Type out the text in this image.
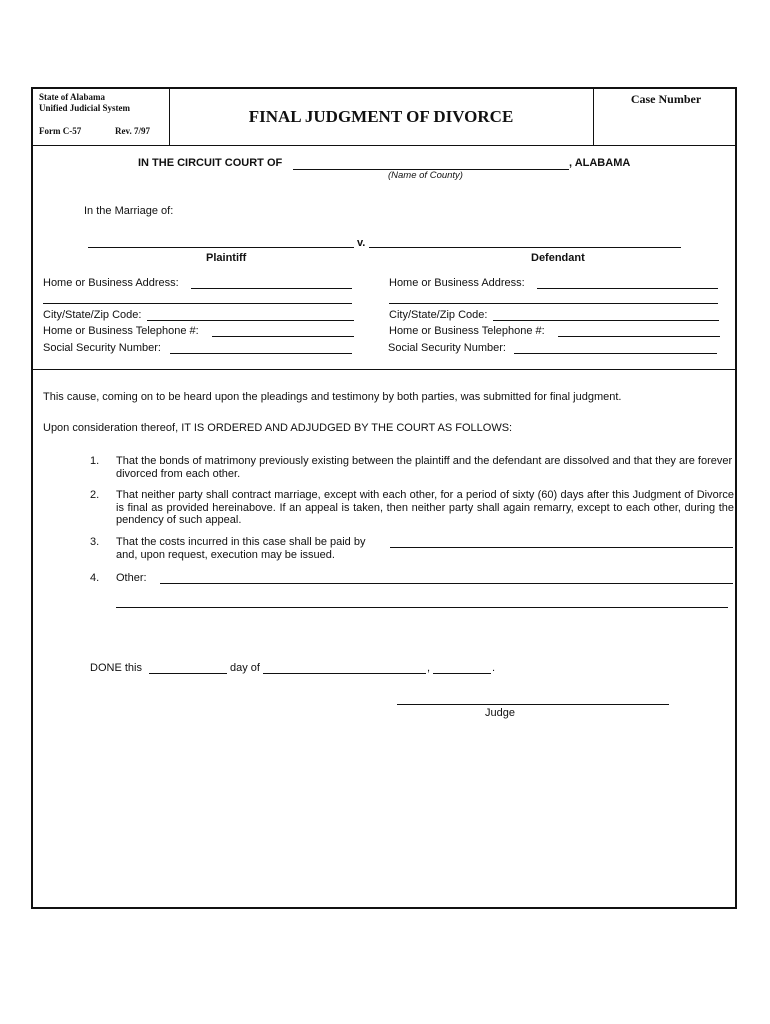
State of Alabama
Unified Judicial System
Form C-57	Rev. 7/97
FINAL JUDGMENT OF DIVORCE
Case Number
IN THE CIRCUIT COURT OF	, ALABAMA
(Name of County)
In the Marriage of:
v.
Plaintiff	Defendant
Home or Business Address:
City/State/Zip Code:
Home or Business Telephone #:
Social Security Number:
Home or Business Address:
City/State/Zip Code:
Home or Business Telephone #:
Social Security Number:
This cause, coming on to be heard upon the pleadings and testimony by both parties, was submitted for final judgment.
Upon consideration thereof, IT IS ORDERED AND ADJUDGED BY THE COURT AS FOLLOWS:
1. That the bonds of matrimony previously existing between the plaintiff and the defendant are dissolved and that they are forever divorced from each other.
2. That neither party shall contract marriage, except with each other, for a period of sixty (60) days after this Judgment of Divorce is final as provided hereinabove. If an appeal is taken, then neither party shall again remarry, except to each other, during the pendency of such appeal.
3. That the costs incurred in this case shall be paid by
and, upon request, execution may be issued.
4. Other:
DONE this	day of	,	.
Judge
